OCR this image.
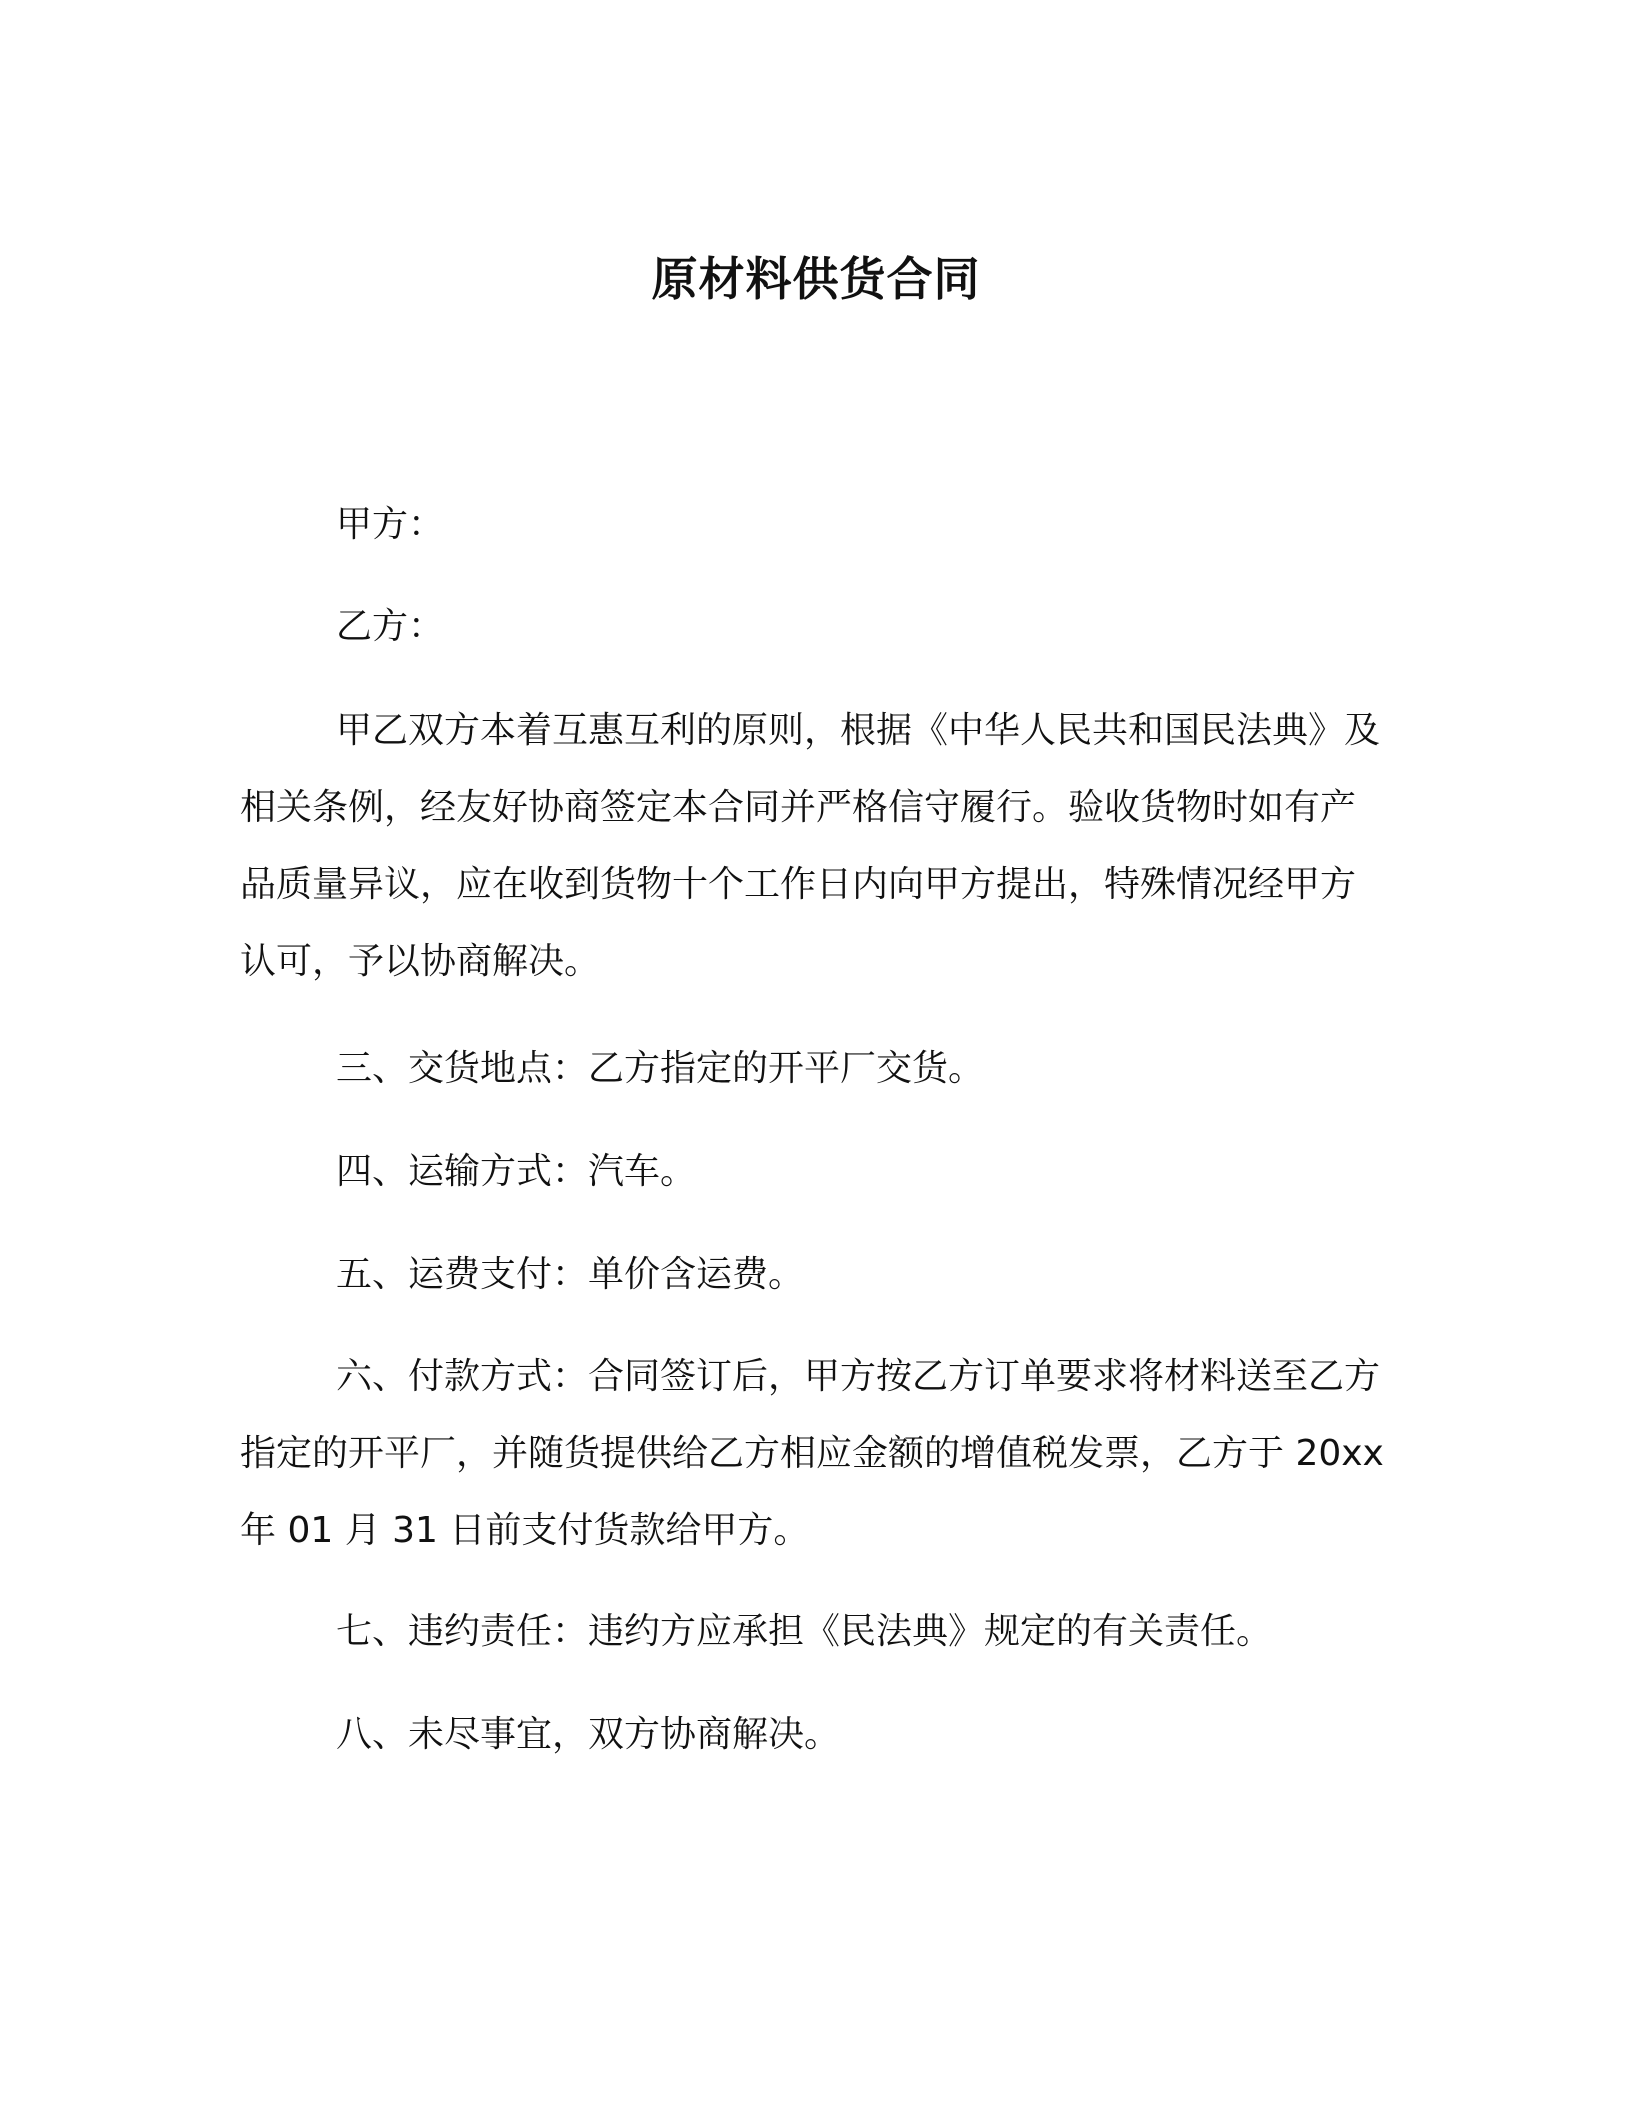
原材料供货合同

甲方：

乙方：

甲乙双方本着互惠互利的原则，根据《中华人民共和国民法典》及相关条例，经友好协商签定本合同并严格信守履行。验收货物时如有产品质量异议，应在收到货物十个工作日内向甲方提出，特殊情况经甲方认可，予以协商解决。

三、交货地点：乙方指定的开平厂交货。

四、运输方式：汽车。

五、运费支付：单价含运费。

六、付款方式：合同签订后，甲方按乙方订单要求将材料送至乙方指定的开平厂，并随货提供给乙方相应金额的增值税发票，乙方于 20xx 年 01 月 31 日前支付货款给甲方。

七、违约责任：违约方应承担《民法典》规定的有关责任。

八、未尽事宜，双方协商解决。
